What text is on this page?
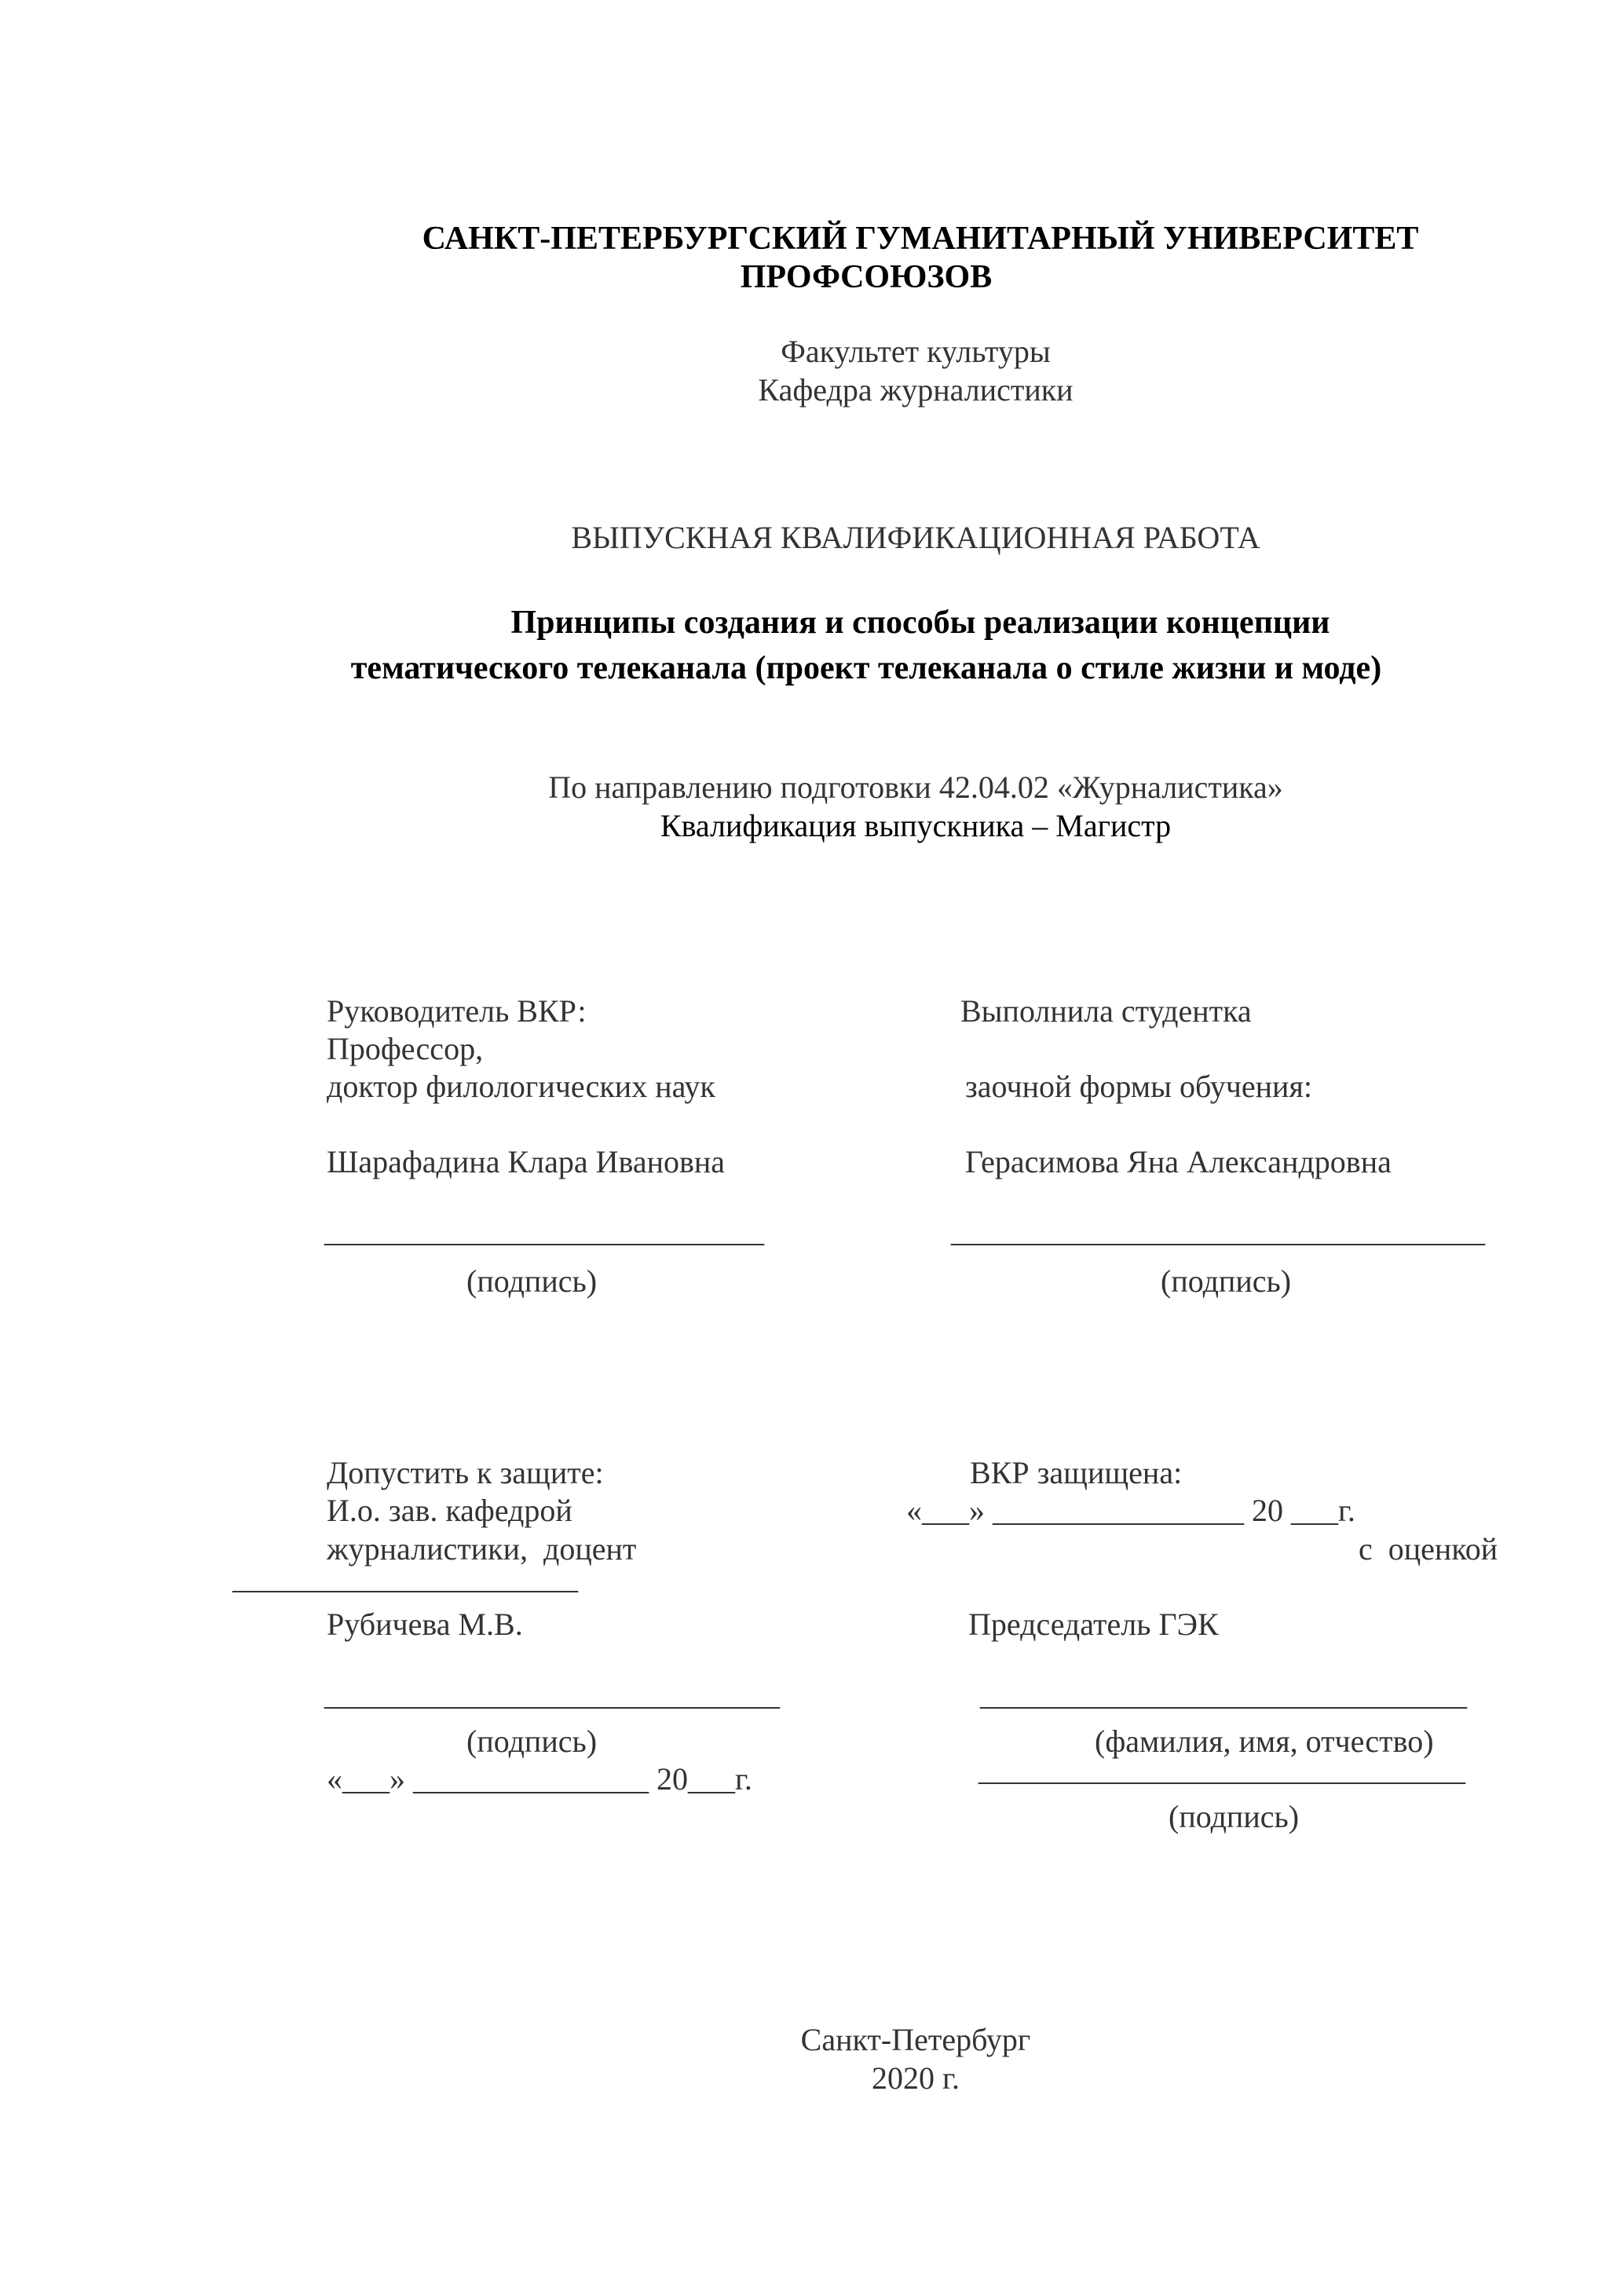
САНКТ-ПЕТЕРБУРГСКИЙ ГУМАНИТАРНЫЙ УНИВЕРСИТЕТ
ПРОФСОЮЗОВ
Факультет культуры
Кафедра журналистики
ВЫПУСКНАЯ КВАЛИФИКАЦИОННАЯ РАБОТА
Принципы создания и способы реализации концепции
тематического телеканала (проект телеканала о стиле жизни и моде)
По направлению подготовки 42.04.02 «Журналистика»
Квалификация выпускника – Магистр
Руководитель ВКР:
Профессор,
доктор филологических наук
Шарафадина Клара Ивановна
____________________________
(подпись)
Выполнила студентка
заочной формы обучения:
Герасимова Яна Александровна
__________________________________
(подпись)
Допустить к защите:
И.о. зав. кафедрой
журналистики,  доцент
______________________
Рубичева М.В.
_____________________________
(подпись)
«___» _______________ 20___г.
ВКР защищена:
«___» ________________ 20 ___г.
с  оценкой
Председатель ГЭК
_______________________________
(фамилия, имя, отчество)
_______________________________
(подпись)
Санкт-Петербург
2020 г.
